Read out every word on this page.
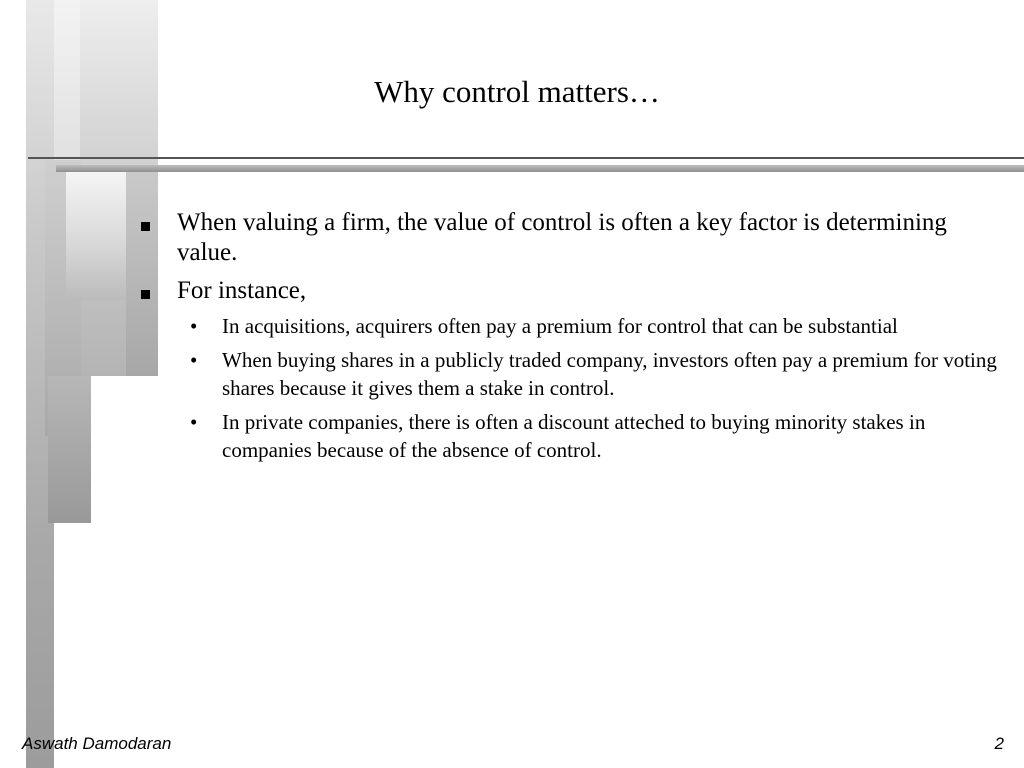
Why control matters…
When valuing a firm, the value of control is often a key factor is determining value.
For instance,
• In acquisitions, acquirers often pay a premium for control that can be substantial
• When buying shares in a publicly traded company, investors often pay a premium for voting shares because it gives them a stake in control.
• In private companies, there is often a discount atteched to buying minority stakes in companies because of the absence of control.
Aswath Damodaran	2
